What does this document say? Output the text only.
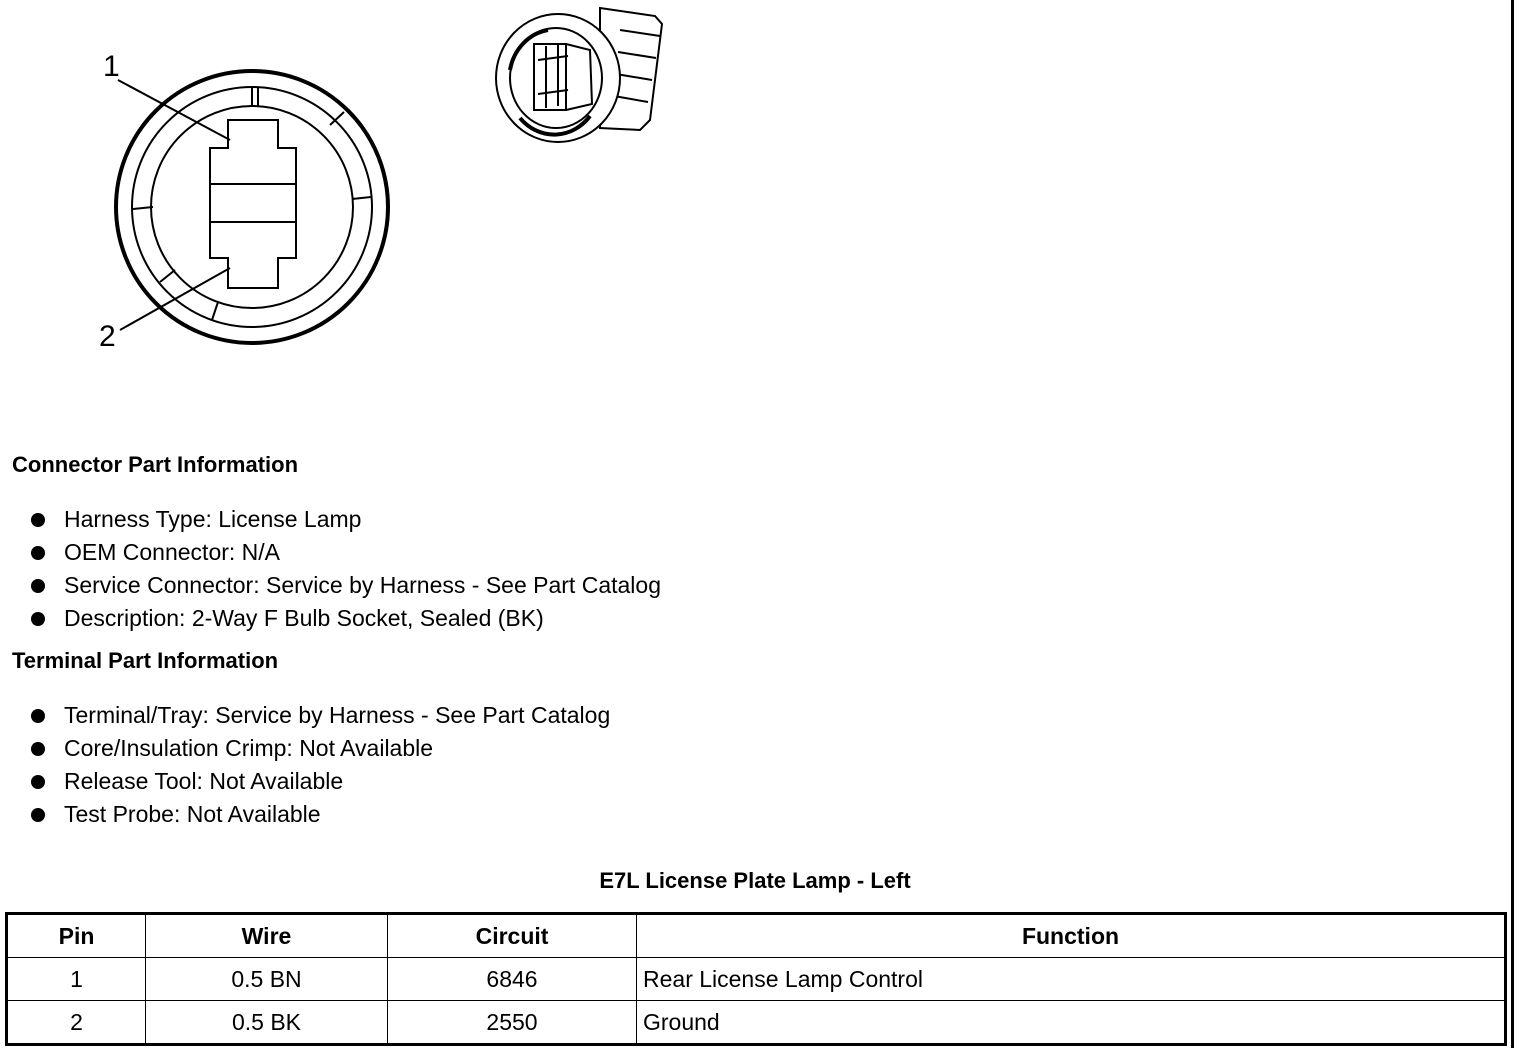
1
2
Connector Part Information
Harness Type: License Lamp
OEM Connector: N/A
Service Connector: Service by Harness - See Part Catalog
Description: 2-Way F Bulb Socket, Sealed (BK)
Terminal Part Information
Terminal/Tray: Service by Harness - See Part Catalog
Core/Insulation Crimp: Not Available
Release Tool: Not Available
Test Probe: Not Available
E7L License Plate Lamp - Left
Pin	Wire	Circuit	Function
1	0.5 BN	6846	Rear License Lamp Control
2	0.5 BK	2550	Ground
